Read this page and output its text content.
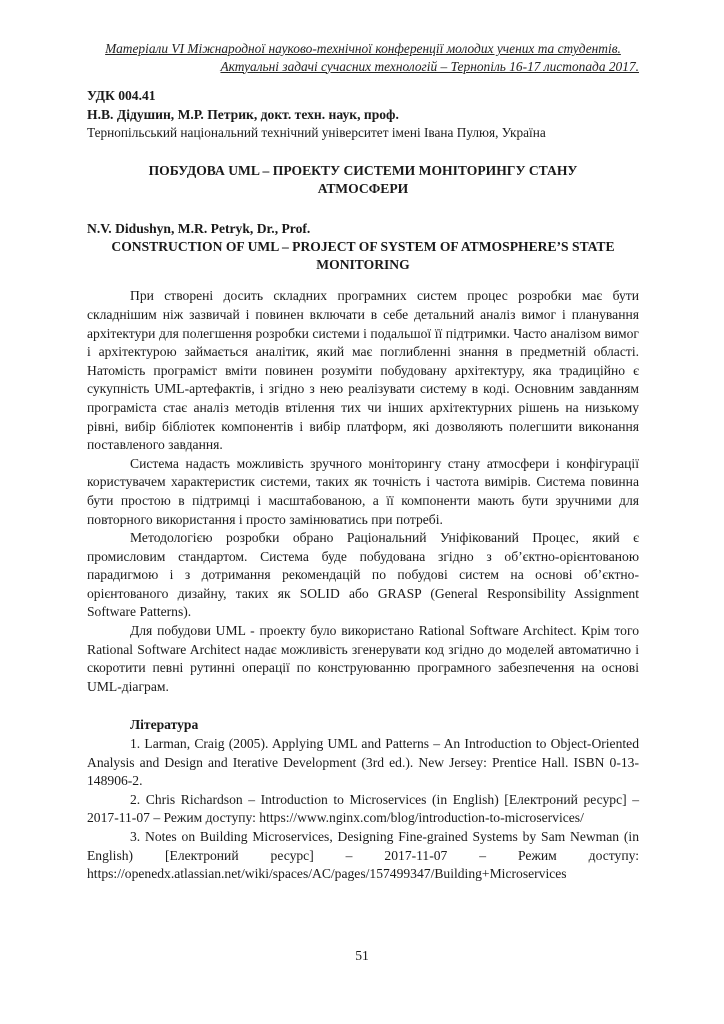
Матеріали VI Міжнародної науково-технічної конференції молодих учених та студентів.
Актуальні задачі сучасних технологій – Тернопіль 16-17 листопада 2017.
УДК 004.41
Н.В. Дідушин, М.Р. Петрик, докт. техн. наук, проф.
Тернопільський національний технічний університет імені Івана Пулюя, Україна
ПОБУДОВА UML – ПРОЕКТУ СИСТЕМИ МОНІТОРИНГУ СТАНУ АТМОСФЕРИ
N.V. Didushyn, M.R. Petryk, Dr., Prof.
CONSTRUCTION OF UML – PROJECT OF SYSTEM OF ATMOSPHERE’S STATE MONITORING

При створені досить складних програмних систем процес розробки має бути складнішим ніж зазвичай і повинен включати в себе детальний аналіз вимог і планування архітектури для полегшення розробки системи і подальшої її підтримки. Часто аналізом вимог і архітектурою займається аналітик, який має поглибленні знання в предметній області. Натомість програміст вміти повинен розуміти побудовану архітектуру, яка традиційно є сукупність UML-артефактів, і згідно з нею реалізувати систему в коді. Основним завданням програміста стає аналіз методів втілення тих чи інших архітектурних рішень на низькому рівні, вибір бібліотек компонентів і вибір платформ, які дозволяють полегшити виконання поставленого завдання.

Система надасть можливість зручного моніторингу стану атмосфери і конфігурації користувачем характеристик системи, таких як точність і частота вимірів. Система повинна бути простою в підтримці і масштабованою, а її компоненти мають бути зручними для повторного використання і просто замінюватись при потребі.

Методологією розробки обрано Раціональний Уніфікований Процес, який є промисловим стандартом. Система буде побудована згідно з об’єктно-орієнтованою парадигмою і з дотримання рекомендацій по побудові систем на основі об’єктно-орієнтованого дизайну, таких як SOLID або GRASP (General Responsibility Assignment Software Patterns).

Для побудови UML - проекту було використано Rational Software Architect. Крім того Rational Software Architect надає можливість згенерувати код згідно до моделей автоматично і скоротити певні рутинні операції по конструюванню програмного забезпечення на основі UML-діаграм.

Література

1. Larman, Craig (2005). Applying UML and Patterns – An Introduction to Object-Oriented Analysis and Design and Iterative Development (3rd ed.). New Jersey: Prentice Hall. ISBN 0-13-148906-2.

2. Chris Richardson – Introduction to Microservices (in English) [Електроний ресурс] – 2017-11-07 – Режим доступу: https://www.nginx.com/blog/introduction-to-microservices/

3. Notes on Building Microservices, Designing Fine-grained Systems by Sam Newman (in English) [Електроний ресурс] – 2017-11-07 – Режим доступу: https://openedx.atlassian.net/wiki/spaces/AC/pages/157499347/Building+Microservices

51
